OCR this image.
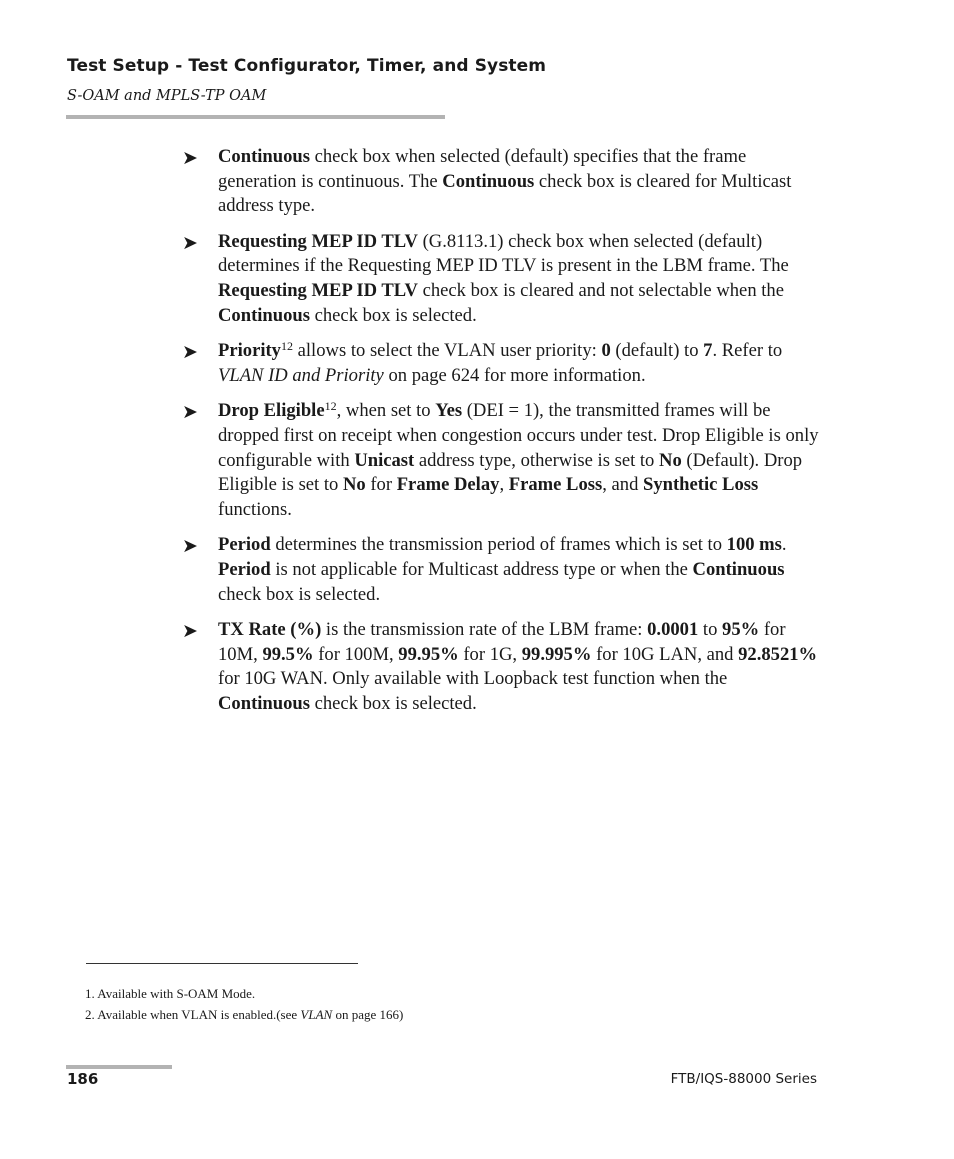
Test Setup - Test Configurator, Timer, and System
S-OAM and MPLS-TP OAM
➤ Continuous check box when selected (default) specifies that the frame generation is continuous. The Continuous check box is cleared for Multicast address type.
➤ Requesting MEP ID TLV (G.8113.1) check box when selected (default) determines if the Requesting MEP ID TLV is present in the LBM frame. The Requesting MEP ID TLV check box is cleared and not selectable when the Continuous check box is selected.
➤ Priority$^{12}$ allows to select the VLAN user priority: 0 (default) to 7. Refer to VLAN ID and Priority on page 624 for more information.
➤ Drop Eligible$^{12}$, when set to Yes (DEI = 1), the transmitted frames will be dropped first on receipt when congestion occurs under test. Drop Eligible is only configurable with Unicast address type, otherwise is set to No (Default). Drop Eligible is set to No for Frame Delay, Frame Loss, and Synthetic Loss functions.
➤ Period determines the transmission period of frames which is set to 100 ms. Period is not applicable for Multicast address type or when the Continuous check box is selected.
➤ TX Rate (%) is the transmission rate of the LBM frame: 0.0001 to 95% for 10M, 99.5% for 100M, 99.95% for 1G, 99.995% for 10G LAN, and 92.8521% for 10G WAN. Only available with Loopback test function when the Continuous check box is selected.
1. Available with S-OAM Mode.
2. Available when VLAN is enabled.(see VLAN on page 166)
186	FTB/IQS-88000 Series
